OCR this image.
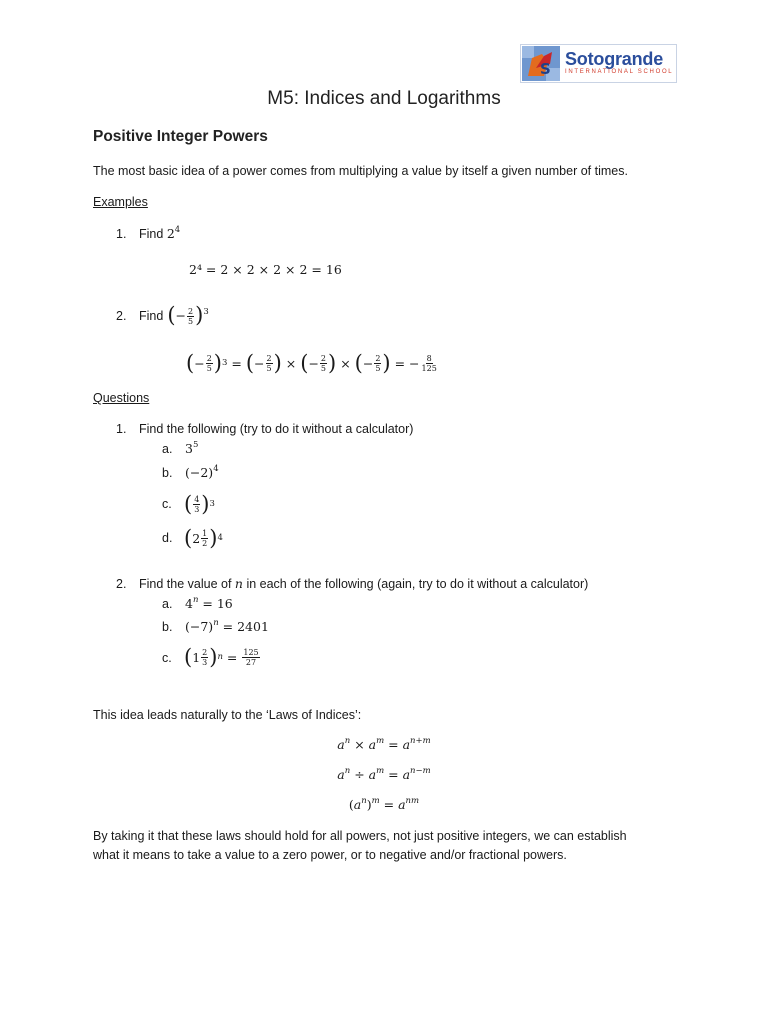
S Sotogrande
INTERNATIONAL SCHOOL
M5: Indices and Logarithms
Positive Integer Powers
The most basic idea of a power comes from multiplying a value by itself a given number of times.
Examples
1. Find $2^4$
2⁴ = 2 × 2 × 2 × 2 = 16
2. Find (− $\frac{2}{5} )^3$
( − $\frac{2}{5}$ ) 3 = ( − $\frac{2}{5}$ ) × ( − $\frac{2}{5}$ ) × ( − $\frac{2}{5}$ ) = − $\frac{8}{125}$
Questions
1. Find the following (try to do it without a calculator)
a. $3^5$
b. $(-2)^4$
c. ( $\frac{4}{3}$ ) 3
d. ( $2 \frac{1}{2}$ ) 4
2. Find the value of n in each of the following (again, try to do it without a calculator)
a. $4^n = 16$
b. $(-7)^n = 2401$
c. ( $1 \frac{2}{3}$ ) $n = \frac{125}{27}$
This idea leads naturally to the ‘Laws of Indices’:
$a^n \times a^m = a^{n+m}$
$a^n \div a^m = a^{n-m}$
$(a^n)^m = a^{nm}$
By taking it that these laws should hold for all powers, not just positive integers, we can establish
what it means to take a value to a zero power, or to negative and/or fractional powers.
